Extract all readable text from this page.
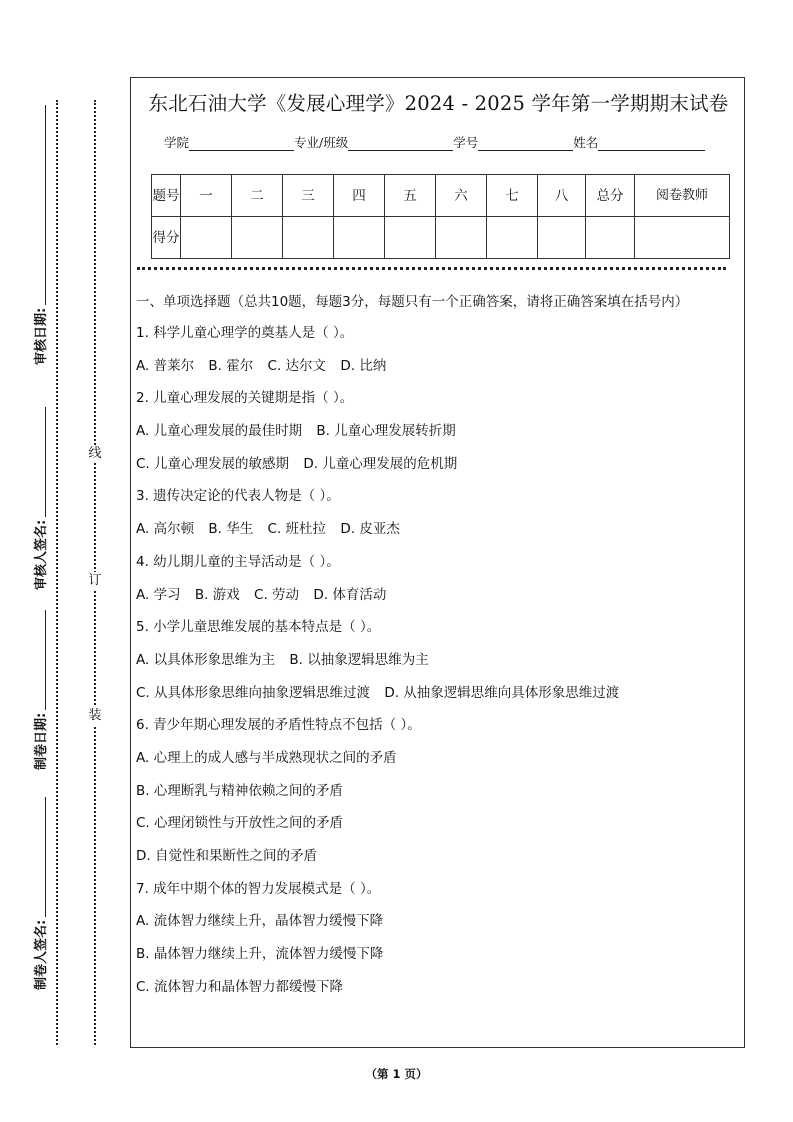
线
订
装
审核日期:
审核人签名:
制卷日期:
制卷人签名:
东北石油大学《发展心理学》2024 - 2025 学年第一学期期末试卷
学院	专业/班级	学号	姓名
题号	一	二	三	四	五	六	七	八	总分	阅卷教师
得分										

一、单项选择题（总共10题，每题3分，每题只有一个正确答案，请将正确答案填在括号内）

1. 科学儿童心理学的奠基人是（ ）。

A. 普莱尔 B. 霍尔 C. 达尔文 D. 比纳

2. 儿童心理发展的关键期是指（ ）。

A. 儿童心理发展的最佳时期 B. 儿童心理发展转折期

C. 儿童心理发展的敏感期 D. 儿童心理发展的危机期

3. 遗传决定论的代表人物是（ ）。

A. 高尔顿 B. 华生 C. 班杜拉 D. 皮亚杰

4. 幼儿期儿童的主导活动是（ ）。

A. 学习 B. 游戏 C. 劳动 D. 体育活动

5. 小学儿童思维发展的基本特点是（ ）。

A. 以具体形象思维为主 B. 以抽象逻辑思维为主

C. 从具体形象思维向抽象逻辑思维过渡 D. 从抽象逻辑思维向具体形象思维过渡

6. 青少年期心理发展的矛盾性特点不包括（ ）。

A. 心理上的成人感与半成熟现状之间的矛盾

B. 心理断乳与精神依赖之间的矛盾

C. 心理闭锁性与开放性之间的矛盾

D. 自觉性和果断性之间的矛盾

7. 成年中期个体的智力发展模式是（ ）。

A. 流体智力继续上升，晶体智力缓慢下降

B. 晶体智力继续上升，流体智力缓慢下降

C. 流体智力和晶体智力都缓慢下降

（第 1 页）
